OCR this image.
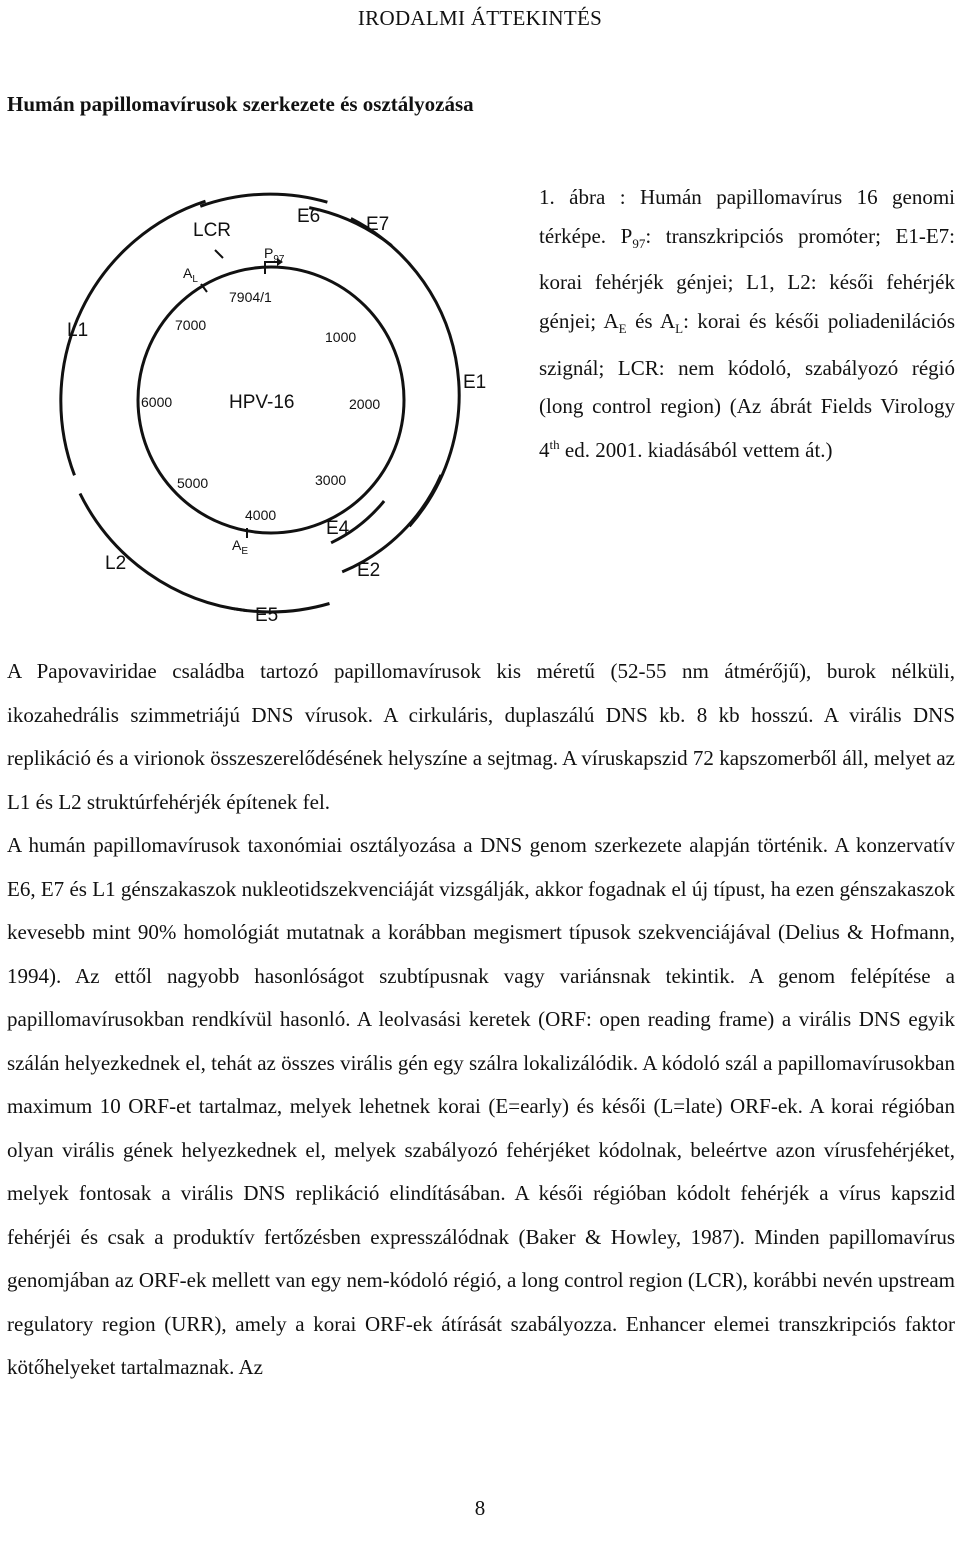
IRODALMI ÁTTEKINTÉS
Humán papillomavírusok szerkezete és osztályozása
LCR
E6 E7
E1
E4
E2
E5
L1
L2
$P_{97}$
$A_L$
7904/1
$A_E$
1000
2000
3000
4000
5000
6000
7000
HPV-16
1. ábra : Humán papillomavírus 16 genomi térképe. $P_{97}$: transzkripciós promóter; E1-E7: korai fehérjék génjei; L1, L2: késői fehérjék génjei; $A_E$ és $A_L$: korai és késői poliadenilációs szignál; LCR: nem kódoló, szabályozó régió (long control region) (Az ábrát Fields Virology 4th ed. 2001. kiadásából vettem át.)

A Papovaviridae családba tartozó papillomavírusok kis méretű (52-55 nm átmérőjű), burok nélküli, ikozahedrális szimmetriájú DNS vírusok. A cirkuláris, duplaszálú DNS kb. 8 kb hosszú. A virális DNS replikáció és a virionok összeszerelődésének helyszíne a sejtmag. A víruskapszid 72 kapszomerből áll, melyet az L1 és L2 struktúrfehérjék építenek fel.

A humán papillomavírusok taxonómiai osztályozása a DNS genom szerkezete alapján történik. A konzervatív E6, E7 és L1 génszakaszok nukleotidszekvenciáját vizsgálják, akkor fogadnak el új típust, ha ezen génszakaszok kevesebb mint 90% homológiát mutatnak a korábban megismert típusok szekvenciájával (Delius & Hofmann, 1994). Az ettől nagyobb hasonlóságot szubtípusnak vagy variánsnak tekintik. A genom felépítése a papillomavírusokban rendkívül hasonló. A leolvasási keretek (ORF: open reading frame) a virális DNS egyik szálán helyezkednek el, tehát az összes virális gén egy szálra lokalizálódik. A kódoló szál a papillomavírusokban maximum 10 ORF-et tartalmaz, melyek lehetnek korai (E=early) és késői (L=late) ORF-ek. A korai régióban olyan virális gének helyezkednek el, melyek szabályozó fehérjéket kódolnak, beleértve azon vírusfehérjéket, melyek fontosak a virális DNS replikáció elindításában. A késői régióban kódolt fehérjék a vírus kapszid fehérjéi és csak a produktív fertőzésben expresszálódnak (Baker & Howley, 1987). Minden papillomavírus genomjában az ORF-ek mellett van egy nem-kódoló régió, a long control region (LCR), korábbi nevén upstream regulatory region (URR), amely a korai ORF-ek átírását szabályozza. Enhancer elemei transzkripciós faktor kötőhelyeket tartalmaznak. Az

8
